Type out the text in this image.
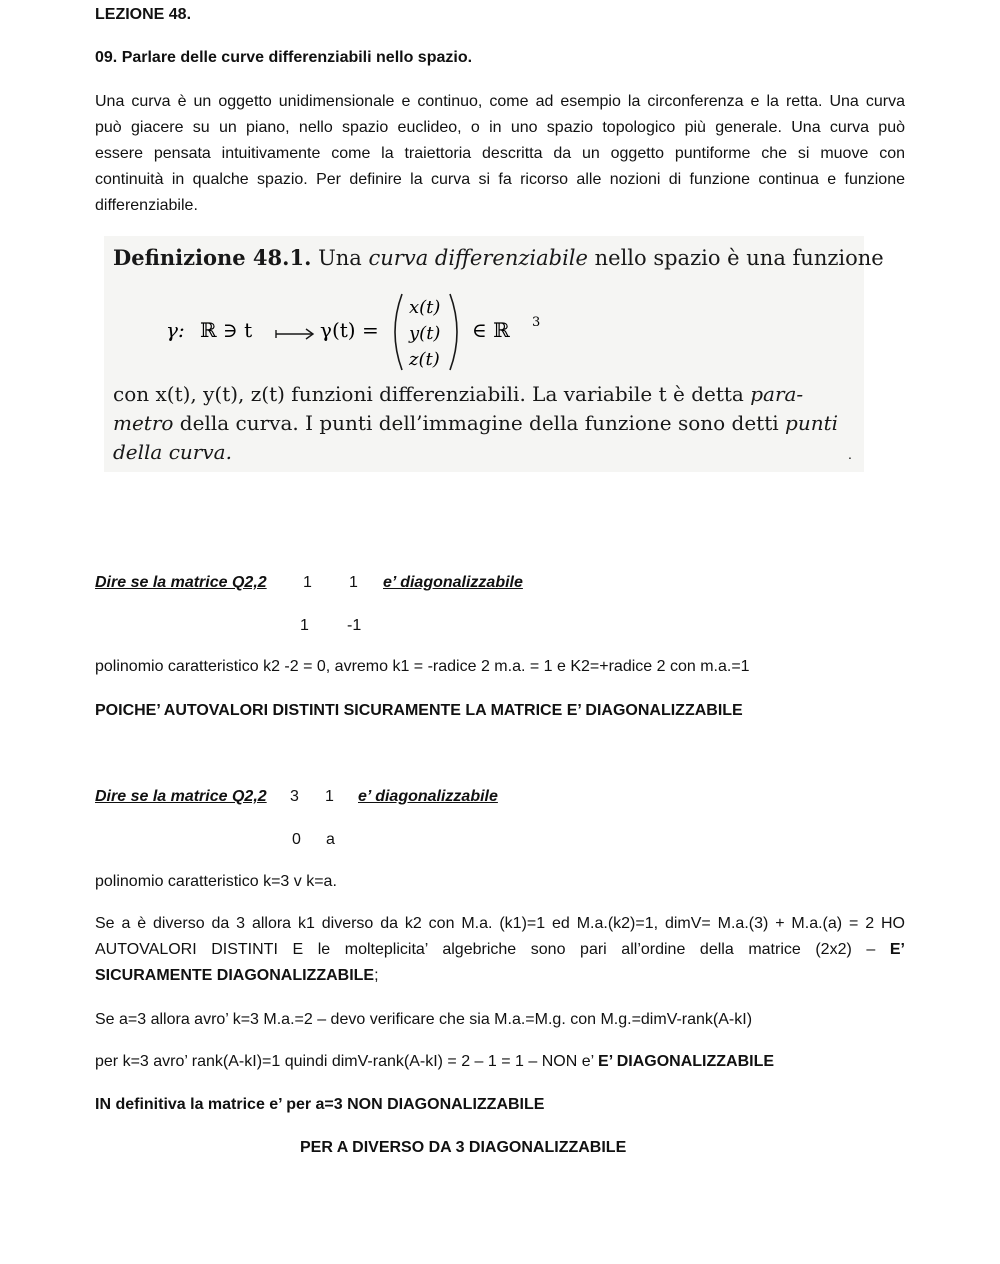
LEZIONE 48.
09. Parlare delle curve differenziabili nello spazio.
Una curva è un oggetto unidimensionale e continuo, come ad esempio la circonferenza e la retta. Una curva
può giacere su un piano, nello spazio euclideo, o in uno spazio topologico più generale. Una curva può
essere pensata intuitivamente come la traiettoria descritta da un oggetto puntiforme che si muove con
continuità in qualche spazio. Per definire la curva si fa ricorso alle nozioni di funzione continua e funzione
differenziabile.
Definizione 48.1. Una curva differenziabile nello spazio è una funzione
γ: ℝ ∋ t	γ(t) =
x(t)
y(t)
z(t)
∈ ℝ 3
con x(t), y(t), z(t) funzioni differenziabili. La variabile t è detta para-
metro della curva. I punti dell’immagine della funzione sono detti punti
della curva.	.
Dire se la matrice Q2,2 1 1 e’ diagonalizzabile
1 -1
polinomio caratteristico k2 -2 = 0, avremo k1 = -radice 2 m.a. = 1 e K2=+radice 2 con m.a.=1
POICHE’ AUTOVALORI DISTINTI SICURAMENTE LA MATRICE E’ DIAGONALIZZABILE
Dire se la matrice Q2,2 3 1 e’ diagonalizzabile
0 a
polinomio caratteristico k=3 v k=a.
Se a è diverso da 3 allora k1 diverso da k2 con M.a. (k1)=1 ed M.a.(k2)=1, dimV= M.a.(3) + M.a.(a) = 2 HO
AUTOVALORI DISTINTI E le molteplicita’ algebriche sono pari all’ordine della matrice (2x2) – E’
SICURAMENTE DIAGONALIZZABILE;
Se a=3 allora avro’ k=3 M.a.=2 – devo verificare che sia M.a.=M.g. con M.g.=dimV-rank(A-kI)
per k=3 avro’ rank(A-kI)=1 quindi dimV-rank(A-kI) = 2 – 1 = 1 – NON e’ E’ DIAGONALIZZABILE
IN definitiva la matrice e’ per a=3 NON DIAGONALIZZABILE
PER A DIVERSO DA 3 DIAGONALIZZABILE
